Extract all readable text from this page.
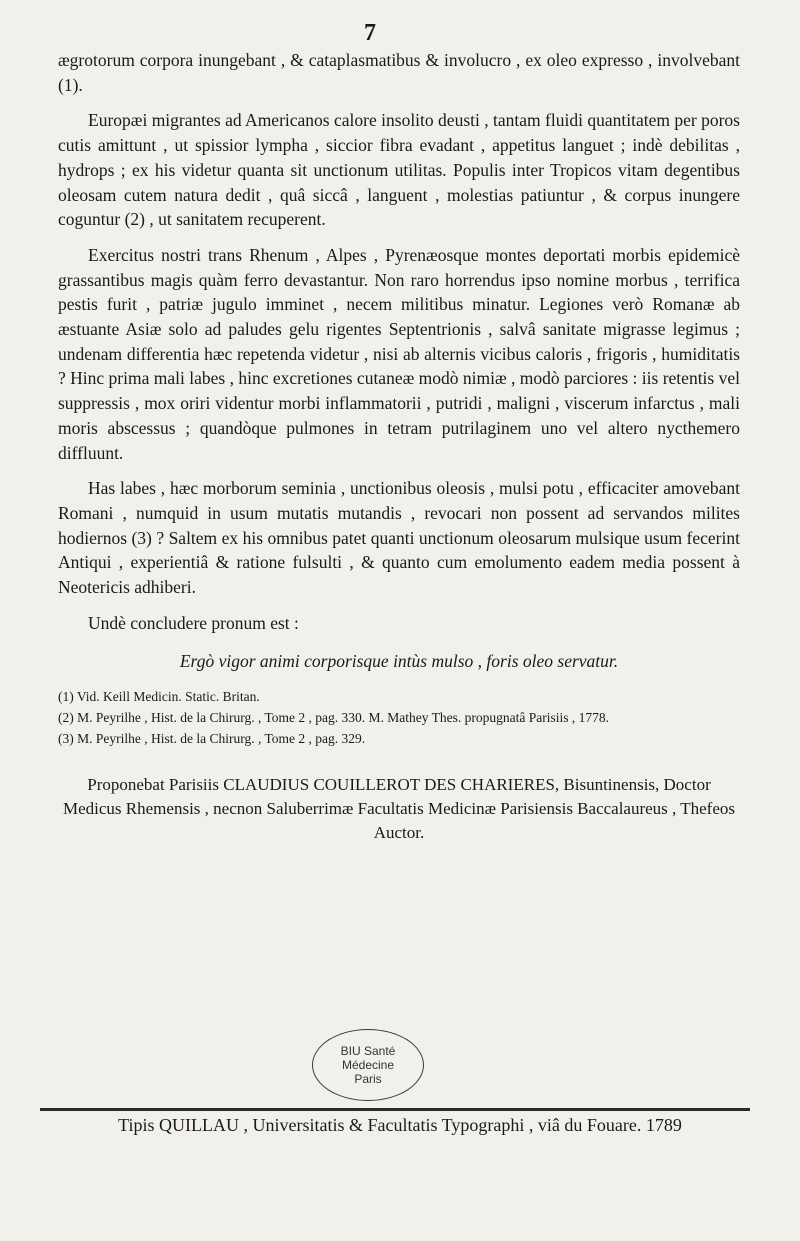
7

ægrotorum corpora inungebant , & cataplasmatibus & involucro , ex oleo expresso , involvebant (1).

Europæi migrantes ad Americanos calore insolito deusti , tantam fluidi quantitatem per poros cutis amittunt , ut spissior lympha , siccior fibra evadant , appetitus languet ; indè debilitas , hydrops ; ex his videtur quanta sit unctionum utilitas. Populis inter Tropicos vitam degentibus oleosam cutem natura dedit , quâ siccâ , languent , molestias patiuntur , & corpus inungere coguntur (2) , ut sanitatem recuperent.

Exercitus nostri trans Rhenum , Alpes , Pyrenæosque montes deportati morbis epidemicè grassantibus magis quàm ferro devastantur. Non raro horrendus ipso nomine morbus , terrifica pestis furit , patriæ jugulo imminet , necem militibus minatur. Legiones verò Romanæ ab æstuante Asiæ solo ad paludes gelu rigentes Septentrionis , salvâ sanitate migrasse legimus ; undenam differentia hæc repetenda videtur , nisi ab alternis vicibus caloris , frigoris , humiditatis ? Hinc prima mali labes , hinc excretiones cutaneæ modò nimiæ , modò parciores : iis retentis vel suppressis , mox oriri videntur morbi inflammatorii , putridi , maligni , viscerum infarctus , mali moris abscessus ; quandòque pulmones in tetram putrilaginem uno vel altero nycthemero diffluunt.

Has labes , hæc morborum seminia , unctionibus oleosis , mulsi potu , efficaciter amovebant Romani , numquid in usum mutatis mutandis , revocari non possent ad servandos milites hodiernos (3) ? Saltem ex his omnibus patet quanti unctionum oleosarum mulsique usum fecerint Antiqui , experientiâ & ratione fulsulti , & quanto cum emolumento eadem media possent à Neotericis adhiberi.

Undè concludere pronum est :

Ergò vigor animi corporisque intùs mulso , foris oleo servatur.

(1) Vid. Keill Medicin. Static. Britan.
(2) M. Peyrilhe , Hist. de la Chirurg. , Tome 2 , pag. 330. M. Mathey Thes. propugnatâ Parisiis , 1778.
(3) M. Peyrilhe , Hist. de la Chirurg. , Tome 2 , pag. 329.

Proponebat Parisiis CLAUDIUS COUILLEROT DES CHARIERES, Bisuntinensis, Doctor Medicus Rhemensis , necnon Saluberrimæ Facultatis Medicinæ Parisiensis Baccalaureus , Thefeos Auctor.

BIU Santé
Médecine
Paris
Tipis QUILLAU , Universitatis & Facultatis Typographi , viâ du Fouare. 1789
